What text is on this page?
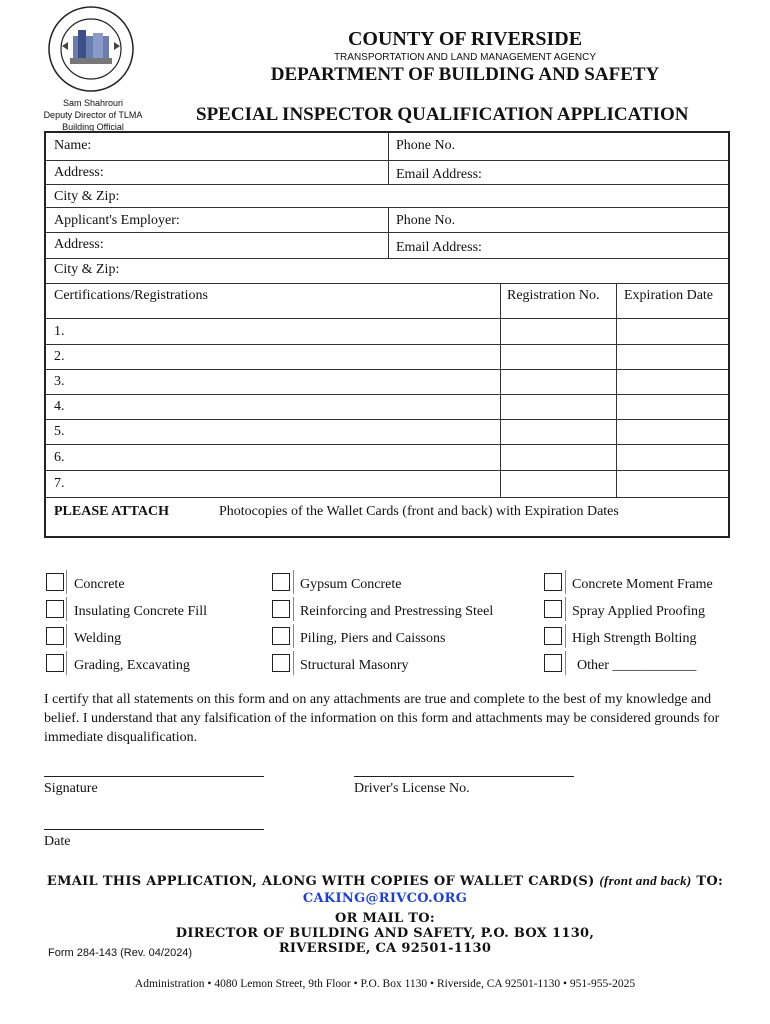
Sam Shahrouri
Deputy Director of TLMA
Building Official
COUNTY OF RIVERSIDE
TRANSPORTATION AND LAND MANAGEMENT AGENCY
DEPARTMENT OF BUILDING AND SAFETY
SPECIAL INSPECTOR QUALIFICATION APPLICATION
Name:	Phone No.
Address:	Email Address:
City & Zip:
Applicant's Employer:	Phone No.
Address:	Email Address:
City & Zip:
Certifications/Registrations	Registration No. Expiration Date
1.
2.
3.
4.
5.
6.
7.
PLEASE ATTACH	Photocopies of the Wallet Cards (front and back) with Expiration Dates
Concrete	Gypsum Concrete	Concrete Moment Frame
Insulating Concrete Fill	Reinforcing and Prestressing Steel	Spray Applied Proofing
Welding	Piling, Piers and Caissons	High Strength Bolting
Grading, Excavating	Structural Masonry	Other ____________
I certify that all statements on this form and on any attachments are true and complete to the best of my knowledge and belief. I understand that any falsification of the information on this form and attachments may be considered grounds for immediate disqualification.
Signature	Driver's License No.
Date
EMAIL THIS APPLICATION, ALONG WITH COPIES OF WALLET CARD(S) (front and back) TO:
CAKING@RIVCO.ORG
OR MAIL TO:
DIRECTOR OF BUILDING AND SAFETY, P.O. BOX 1130,
RIVERSIDE, CA 92501-1130
Form 284-143 (Rev. 04/2024)
Administration • 4080 Lemon Street, 9th Floor • P.O. Box 1130 • Riverside, CA 92501-1130 • 951-955-2025
